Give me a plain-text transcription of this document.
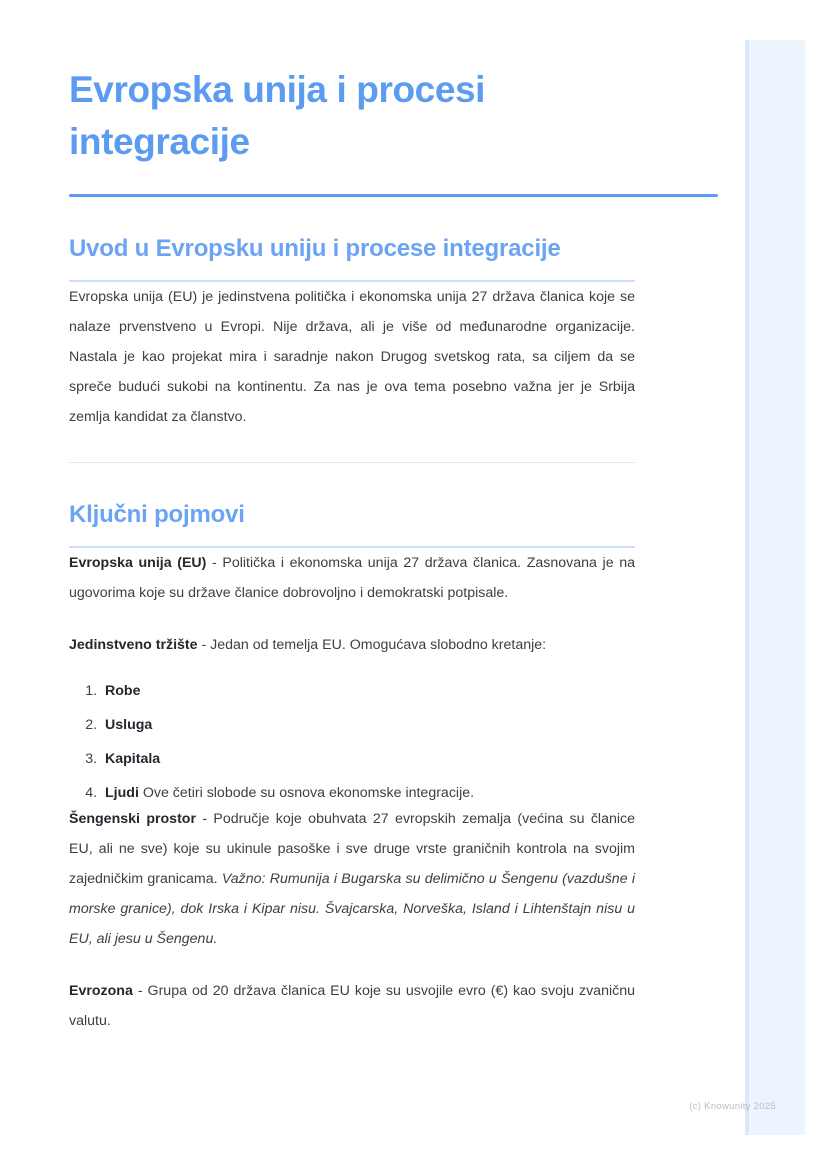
Evropska unija i procesi integracije
Uvod u Evropsku uniju i procese integracije

Evropska unija (EU) je jedinstvena politička i ekonomska unija 27 država članica koje se nalaze prvenstveno u Evropi. Nije država, ali je više od međunarodne organizacije. Nastala je kao projekat mira i saradnje nakon Drugog svetskog rata, sa ciljem da se spreče budući sukobi na kontinentu. Za nas je ova tema posebno važna jer je Srbija zemlja kandidat za članstvo.

Ključni pojmovi

Evropska unija (EU) - Politička i ekonomska unija 27 država članica. Zasnovana je na ugovorima koje su države članice dobrovoljno i demokratski potpisale.

Jedinstveno tržište - Jedan od temelja EU. Omogućava slobodno kretanje:

1. Robe
2. Usluga
3. Kapitala
4. Ljudi Ove četiri slobode su osnova ekonomske integracije.

Šengenski prostor - Područje koje obuhvata 27 evropskih zemalja (većina su članice EU, ali ne sve) koje su ukinule pasoške i sve druge vrste graničnih kontrola na svojim zajedničkim granicama. Važno: Rumunija i Bugarska su delimično u Šengenu (vazdušne i morske granice), dok Irska i Kipar nisu. Švajcarska, Norveška, Island i Lihtenštajn nisu u EU, ali jesu u Šengenu.

Evrozona - Grupa od 20 država članica EU koje su usvojile evro (€) kao svoju zvaničnu valutu.

(c) Knowunity 2025
